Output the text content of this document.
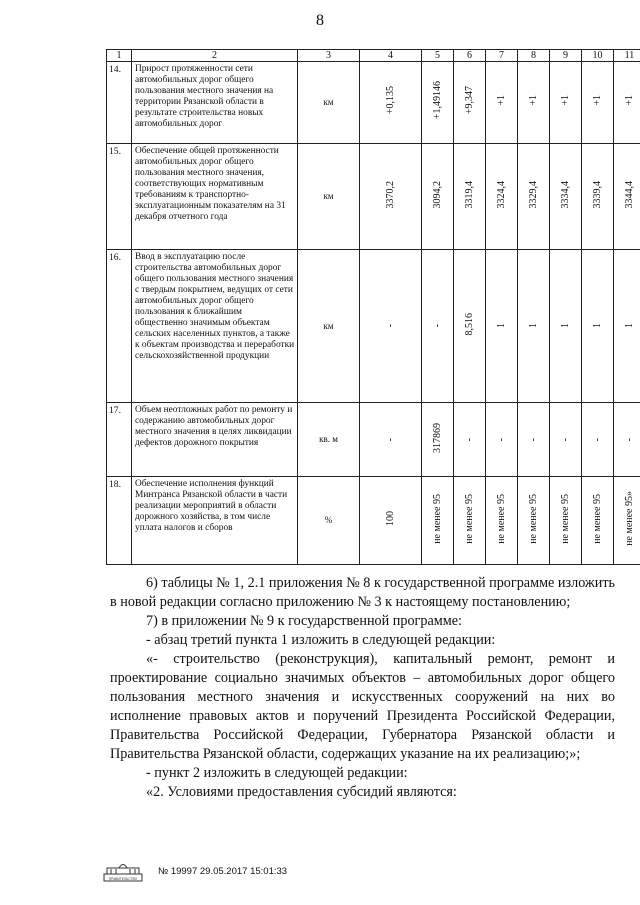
8
1	2	3	4	5	6	7	8	9	10	11
14.	Прирост протяженности сети автомобильных дорог общего пользования местного значения на территории Рязанской области в результате строительства новых автомобильных дорог	км	+0,135	+1,49146	+9,347	+1	+1	+1	+1	+1
15.	Обеспечение общей протяженности автомобильных дорог общего пользования местного значения, соответствующих нормативным требованиям к транспортно-эксплуатационным показателям на 31 декабря отчетного года	км	3370,2	3094,2	3319,4	3324,4	3329,4	3334,4	3339,4	3344,4
16.	Ввод в эксплуатацию после строительства автомобильных дорог общего пользования местного значения с твердым покрытием, ведущих от сети автомобильных дорог общего пользования к ближайшим общественно значимым объектам сельских населенных пунктов, а также к объектам производства и переработки сельскохозяйственной продукции	км	-	-	8,516	1	1	1	1	1
17.	Объем неотложных работ по ремонту и содержанию автомобильных дорог местного значения в целях ликвидации дефектов дорожного покрытия	кв. м	-	317869	-	-	-	-	-	-
18.	Обеспечение исполнения функций Минтранса Рязанской области в части реализации мероприятий в области дорожного хозяйства, в том числе уплата налогов и сборов	%	100	не менее 95	не менее 95	не менее 95	не менее 95	не менее 95	не менее 95	не менее 95»

6) таблицы № 1, 2.1 приложения № 8 к государственной программе изложить в новой редакции согласно приложению № 3 к настоящему постановлению;

7) в приложении № 9 к государственной программе:

- абзац третий пункта 1 изложить в следующей редакции:

«- строительство (реконструкция), капитальный ремонт, ремонт и проектирование социально значимых объектов – автомобильных дорог общего пользования местного значения и искусственных сооружений на них во исполнение правовых актов и поручений Президента Российской Федерации, Правительства Российской Федерации, Губернатора Рязанской области и Правительства Рязанской области, содержащих указание на их реализацию;»;

- пункт 2 изложить в следующей редакции:

«2. Условиями предоставления субсидий являются:

ПРАВИТЕЛЬСТВО
№ 19997 29.05.2017 15:01:33
